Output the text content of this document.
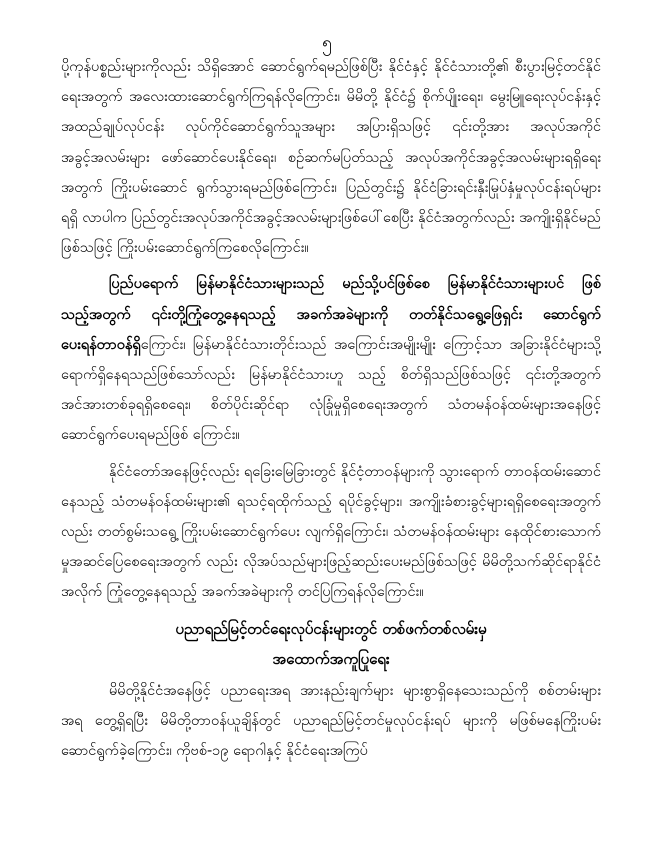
၅

ပို့ကုန်ပစ္စည်းများကိုလည်း သိရှိအောင် ဆောင်ရွက်ရမည်ဖြစ်ပြီး နိုင်ငံနှင့် နိုင်ငံသားတို့၏ စီးပွားမြင့်တင်နိုင်ရေးအတွက် အလေးထားဆောင်ရွက်ကြရန်လိုကြောင်း၊ မိမိတို့ နိုင်ငံ၌ စိုက်ပျိုးရေး၊ မွေးမြူရေးလုပ်ငန်းနှင့် အထည်ချုပ်လုပ်ငန်း လုပ်ကိုင်ဆောင်ရွက်သူအများ အပြားရှိသဖြင့် ၎င်းတို့အား အလုပ်အကိုင်အခွင့်အလမ်းများ ဖော်ဆောင်ပေးနိုင်ရေး၊ စဉ်ဆက်မပြတ်သည့် အလုပ်အကိုင်အခွင့်အလမ်းများရရှိရေးအတွက် ကြိုးပမ်းဆောင် ရွက်သွားရမည်ဖြစ်ကြောင်း၊ ပြည်တွင်း၌ နိုင်ငံခြားရင်းနှီးမြုပ်နှံမှုလုပ်ငန်းရပ်များ ရရှိ လာပါက ပြည်တွင်းအလုပ်အကိုင်အခွင့်အလမ်းများဖြစ်ပေါ်စေပြီး နိုင်ငံအတွက်လည်း အကျိုးရှိနိုင်မည်ဖြစ်သဖြင့် ကြိုးပမ်းဆောင်ရွက်ကြစေလိုကြောင်း။

ပြည်ပရောက် မြန်မာနိုင်ငံသားများသည် မည်သို့ပင်ဖြစ်စေ မြန်မာနိုင်ငံသားများပင် ဖြစ်သည့်အတွက် ၎င်းတို့ကြုံတွေ့နေရသည့် အခက်အခဲများကို တတ်နိုင်သရွေ့ဖြေရှင်း ဆောင်ရွက်ပေးရန်တာဝန်ရှိကြောင်း၊ မြန်မာနိုင်ငံသားတိုင်းသည် အကြောင်းအမျိုးမျိုး ကြောင့်သာ အခြားနိုင်ငံများသို့ ရောက်ရှိနေရသည်ဖြစ်သော်လည်း မြန်မာနိုင်ငံသားဟူ သည့် စိတ်ရှိသည်ဖြစ်သဖြင့် ၎င်းတို့အတွက် အင်အားတစ်ခုရရှိစေရေး၊ စိတ်ပိုင်းဆိုင်ရာ လုံခြုံမှုရှိစေရေးအတွက် သံတမန်ဝန်ထမ်းများအနေဖြင့် ဆောင်ရွက်ပေးရမည်ဖြစ် ကြောင်း။

နိုင်ငံတော်အနေဖြင့်လည်း ရခြေးမြေခြားတွင် နိုင်ငံ့တာဝန်များကို သွားရောက် တာဝန်ထမ်းဆောင်နေသည့် သံတမန်ဝန်ထမ်းများ၏ ရသင့်ရထိုက်သည့် ရပိုင်ခွင့်များ၊ အကျိုးခံစားခွင့်များရရှိစေရေးအတွက်လည်း တတ်စွမ်းသရွေ့ ကြိုးပမ်းဆောင်ရွက်ပေး လျက်ရှိကြောင်း၊ သံတမန်ဝန်ထမ်းများ နေထိုင်စားသောက်မှုအဆင်ပြေစေရေးအတွက် လည်း လိုအပ်သည်များဖြည့်ဆည်းပေးမည်ဖြစ်သဖြင့် မိမိတို့သက်ဆိုင်ရာနိုင်ငံအလိုက် ကြုံတွေ့နေရသည့် အခက်အခဲများကို တင်ပြကြရန်လိုကြောင်း။

ပညာရည်မြင့်တင်ရေးလုပ်ငန်းများတွင် တစ်ဖက်တစ်လမ်းမှ

အထောက်အကူပြုရေး

မိမိတို့နိုင်ငံအနေဖြင့် ပညာရေးအရ အားနည်းချက်များ များစွာရှိနေသေးသည်ကို စစ်တမ်းများအရ တွေ့ရှိရပြီး မိမိတို့တာဝန်ယူချိန်တွင် ပညာရည်မြင့်တင်မှုလုပ်ငန်းရပ် များကို မဖြစ်မနေကြိုးပမ်းဆောင်ရွက်ခဲ့ကြောင်း၊ ကိုဗစ်-၁၉ ရောဂါနှင့် နိုင်ငံရေးအကြပ်
